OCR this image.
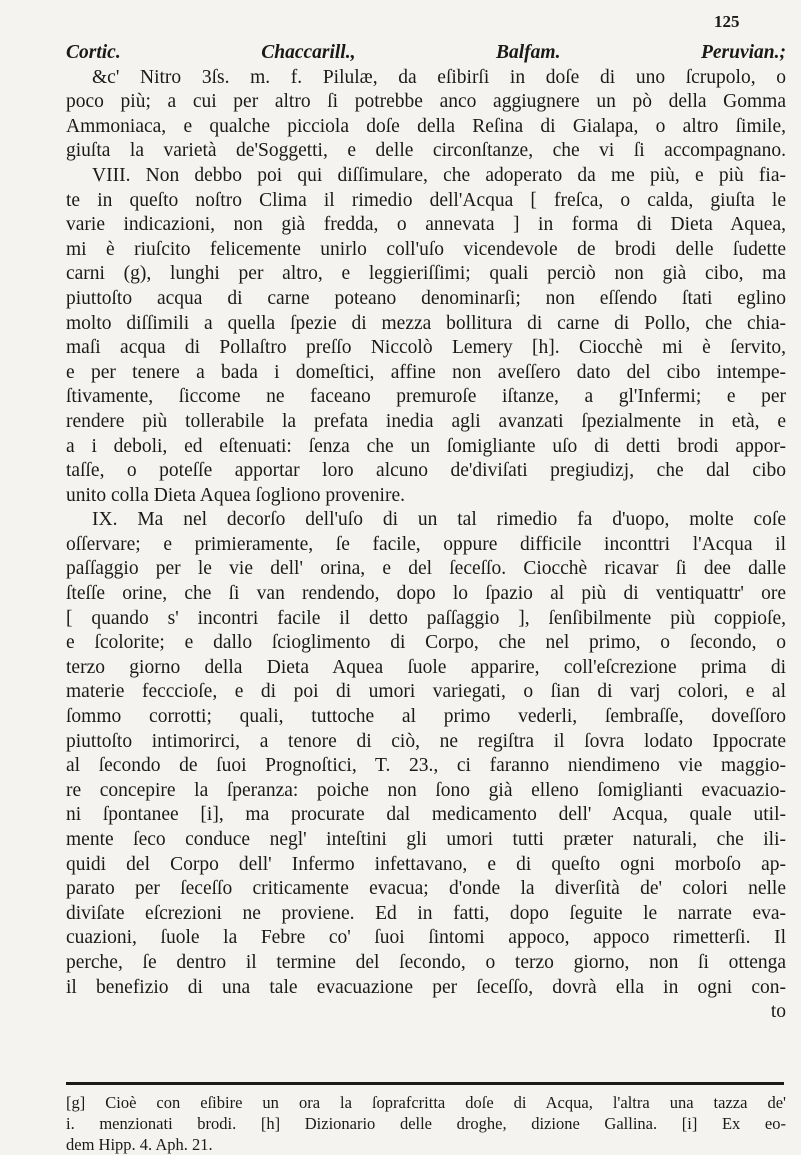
125
Cortic. Chaccarill., Balfam. Peruvian.;
&c' Nitro 3ſs. m. f. Pilulæ, da eſibirſi in doſe di uno ſcrupolo, o
poco più; a cui per altro ſi potrebbe anco aggiugnere un pò della Gomma
Ammoniaca, e qualche picciola doſe della Reſina di Gialapa, o altro ſimile,
giuſta la varietà de'Soggetti, e delle circonſtanze, che vi ſi accompagnano.
VIII. Non debbo poi qui diſſimulare, che adoperato da me più, e più fia-
te in queſto noſtro Clima il rimedio dell'Acqua [ freſca, o calda, giuſta le
varie indicazioni, non già fredda, o annevata ] in forma di Dieta Aquea,
mi è riuſcito felicemente unirlo coll'uſo vicendevole de brodi delle ſudette
carni (g), lunghi per altro, e leggieriſſimi; quali perciò non già cibo, ma
piuttoſto acqua di carne poteano denominarſi; non eſſendo ſtati eglino
molto diſſimili a quella ſpezie di mezza bollitura di carne di Pollo, che chia-
maſi acqua di Pollaſtro preſſo Niccolò Lemery [h]. Ciocchè mi è ſervito,
e per tenere a bada i domeſtici, affine non aveſſero dato del cibo intempe-
ſtivamente, ſiccome ne faceano premuroſe iſtanze, a gl'Infermi; e per
rendere più tollerabile la prefata inedia agli avanzati ſpezialmente in età, e
a i deboli, ed eſtenuati: ſenza che un ſomigliante uſo di detti brodi appor-
taſſe, o poteſſe apportar loro alcuno de'diviſati pregiudizj, che dal cibo
unito colla Dieta Aquea ſogliono provenire.
IX. Ma nel decorſo dell'uſo di un tal rimedio fa d'uopo, molte coſe
oſſervare; e primieramente, ſe facile, oppure difficile inconttri l'Acqua il
paſſaggio per le vie dell' orina, e del ſeceſſo. Ciocchè ricavar ſi dee dalle
ſteſſe orine, che ſi van rendendo, dopo lo ſpazio al più di ventiquattr' ore
[ quando s' incontri facile il detto paſſaggio ], ſenſibilmente più coppioſe,
e ſcolorite; e dallo ſcioglimento di Corpo, che nel primo, o ſecondo, o
terzo giorno della Dieta Aquea ſuole apparire, coll'eſcrezione prima di
materie fecccioſe, e di poi di umori variegati, o ſian di varj colori, e al
ſommo corrotti; quali, tuttoche al primo vederli, ſembraſſe, doveſſoro
piuttoſto intimorirci, a tenore di ciò, ne regiſtra il ſovra lodato Ippocrate
al ſecondo de ſuoi Prognoſtici, T. 23., ci faranno niendimeno vie maggio-
re concepire la ſperanza: poiche non ſono già elleno ſomiglianti evacuazio-
ni ſpontanee [i], ma procurate dal medicamento dell' Acqua, quale util-
mente ſeco conduce negl' inteſtini gli umori tutti præter naturali, che ili-
quidi del Corpo dell' Infermo infettavano, e di queſto ogni morboſo ap-
parato per ſeceſſo criticamente evacua; d'onde la diverſità de' colori nelle
diviſate eſcrezioni ne proviene. Ed in fatti, dopo ſeguite le narrate eva-
cuazioni, ſuole la Febre co' ſuoi ſintomi appoco, appoco rimetterſi. Il
perche, ſe dentro il termine del ſecondo, o terzo giorno, non ſi ottenga
il benefizio di una tale evacuazione per ſeceſſo, dovrà ella in ogni con-
to
[g] Cioè con eſibire un ora la ſoprafcritta doſe di Acqua, l'altra una tazza de'
i. menzionati brodi. [h] Dizionario delle droghe, dizione Gallina. [i] Ex eo-
dem Hipp. 4. Aph. 21.
